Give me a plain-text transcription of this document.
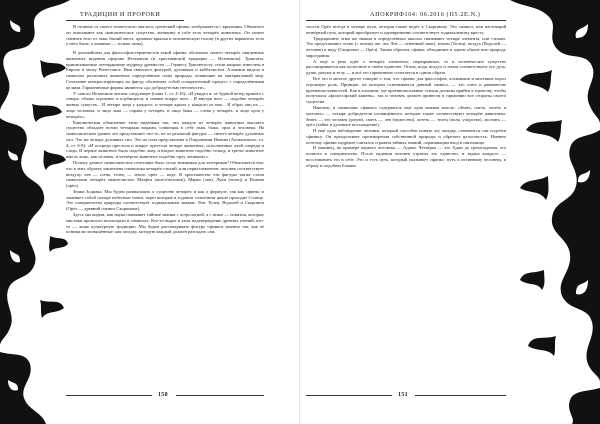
ТРАДИЦИИ И ПРОРОКИ

В отличие от своего египетского аналога, греческий сфинкс изображается с крыльями. Обычного он описывают как симпатическое существо, женщину в собе тело четырёх животных. Он может сменить тело от льва, бычий хвост, орлиные крылья и человеческую голову (в других вариантах тело у него быче, а львиные — только лапы).

В дальнейшем для философов-герметистов такой сфинкс обозначал синтез четырёх священных животных видения пророка Иезекииля (в христианской традиции — Иезекииль). Трактаты, приписываемые легендарному мудрецу древности — Гермесу Трисмегисту, стали широко известны в Европе в эпоху Ренессанса. Имя связалось фигурой, духовным и каббалистом. Алхимия видела в символах различных животных определённые силы природы, влияющие на материальный мир. Сочетание контрастирующих их фигур обозначает собой созидательный процесс с определёнными целями. Гармоничные формы являются «до добродетелью неточности».

У самого Иезекииля читаем следующее (глава 1, ст. 4-10): «И увидел я: от бурной ветер пришёл с севера, облако огромное и клубящееся, и сияние вокруг него... И внутри него — подобие четырёх живых существ... И четыре лица у каждого, и четыре крыла у каждого из них... И образ лиц их — лицо человека, и лицо льва — справа у четырёх, и лицо быка — слева у четырёх, и лицо орла у четырёх».

Каноническая объяснение этим видениям так, что каждое из четырёх животных высшего существа обладает всеми четырьмя видами, совмещая в себе льва, быка, орла и человека. На символическом уровне это представляет что-то, не от реальной фигуры — синтез четырёх духовных сил. Это же четыре духовных сил. Это их сила представлена в Откровении Иоанна (Апокалипсис, гл. 4, ст. 6-8): «И посреди престола и вокруг престола четыре животных, исполненных очей спереди и сзади. И первое животное было подобно льву, и второе животное подобно тельцу, и третье животное имело лицо, как человек, и четвёртое животное подобно орлу летящему».

Почему данное символическое сочетание было столь значимым для эзотериков? Объясняется тем, что в этих образах заключена символика четырёх стихий, или первоэлементов: человек соответствует воздуху, лев — огню, телец — земле, орёл — воде. В христианстве эти фигуры также стали символами четырёх евангелистов: Матфея (ангел/человек), Марка (лев), Луки (телец) и Иоанна (орёл).

Знаки Зодиака. Мы будем размышлять о существе четырёх и как о формуле, так как сфинкс и заменяет собой четыре небесные точки, через которые в годовом солнечном цикле проходит Солнце. Это совершенство природы соответствует зодиакальным знакам: Лев, Телец, Водолей и Скорпион (Орёл — древний символ Скорпиона).

Здесь мы видим, как наука связывает тайные знания с астрологией, а с ними — понятия, которые мистики прошлого воплощали в символах. Кто-то видит в этом подтверждение древних учений, кто-то — лишь культурную традицию. Мы будем рассматривать фигуру сфинкса именно так, как её понимали посвящённые: как загадку, которую каждый должен разгадать сам.

150
АПОКРИФ104: 06.2016 (II5.2E.N.)

сности Орёл всегда в четыре пути, которая также ведёт к Скорпиону. Это символ, или настоящий четвёртый путь, который преобразует и одновременно соответствует зодиакальному кресту.

Традиционно этим же знаком в определённых школах связывают четыре элемента, или стихии. Это представляют огонь (с потому же, что Лев — огненный знак), землю (Телец), воздух (Водолей — человек) и воду (Скорпион — Орёл). Таким образом, сфинкс объединяет в одном образе всю природу мироздания.

А ещё и речь идёт о четырёх элементах, неразрывных, то и человеческое существо рассматривается как целостное в своём единстве. Огонь, вода, воздух и земля соответствуют его духу, душе, разуму и телу — и всё это гармонично сочетается в одном образе.

Всё это и многое другое говорит о том, что сфинкс для философов, алхимиков и мистиков играл огромную роль. Принцип, на котором основывается данный символ, — это союз и равновесие противоположностей. Как в алхимии, где противоположные стихии должны прийти к единству, чтобы получился «философский камень», так и человек должен привести в гармонию все стороны своего существа.

Наконец, в символике сфинкса содержится ещё одна важная мысль: «Знать, сметь, хотеть и молчать» — четыре добродетели посвящённого, которые также соответствуют четырём животным. Знать — это человек (разум), сметь — лев (мужество), хотеть — телец (воля, упорство), молчать — орёл (тайна и духовное восхождение).

И ещё одно наблюдение: человек, который способен понять эту загадку, становится сам подобен сфинксу. Он преодолевает противоречия собственной природы и обретает целостность. Именно поэтому сфинкс издревле считался стражем тайных знаний, охраняющим вход в святилище.

И наконец, на примере первого человека — Адама. Четвёрка — это Адам до грехопадения, его полнота и совершенство. После падения человек утратил это единство, и задача каждого — восстановить его в себе. Это и есть путь, который указывает сфинкс: путь к истинному человеку, к образу и подобию Божию.

151
